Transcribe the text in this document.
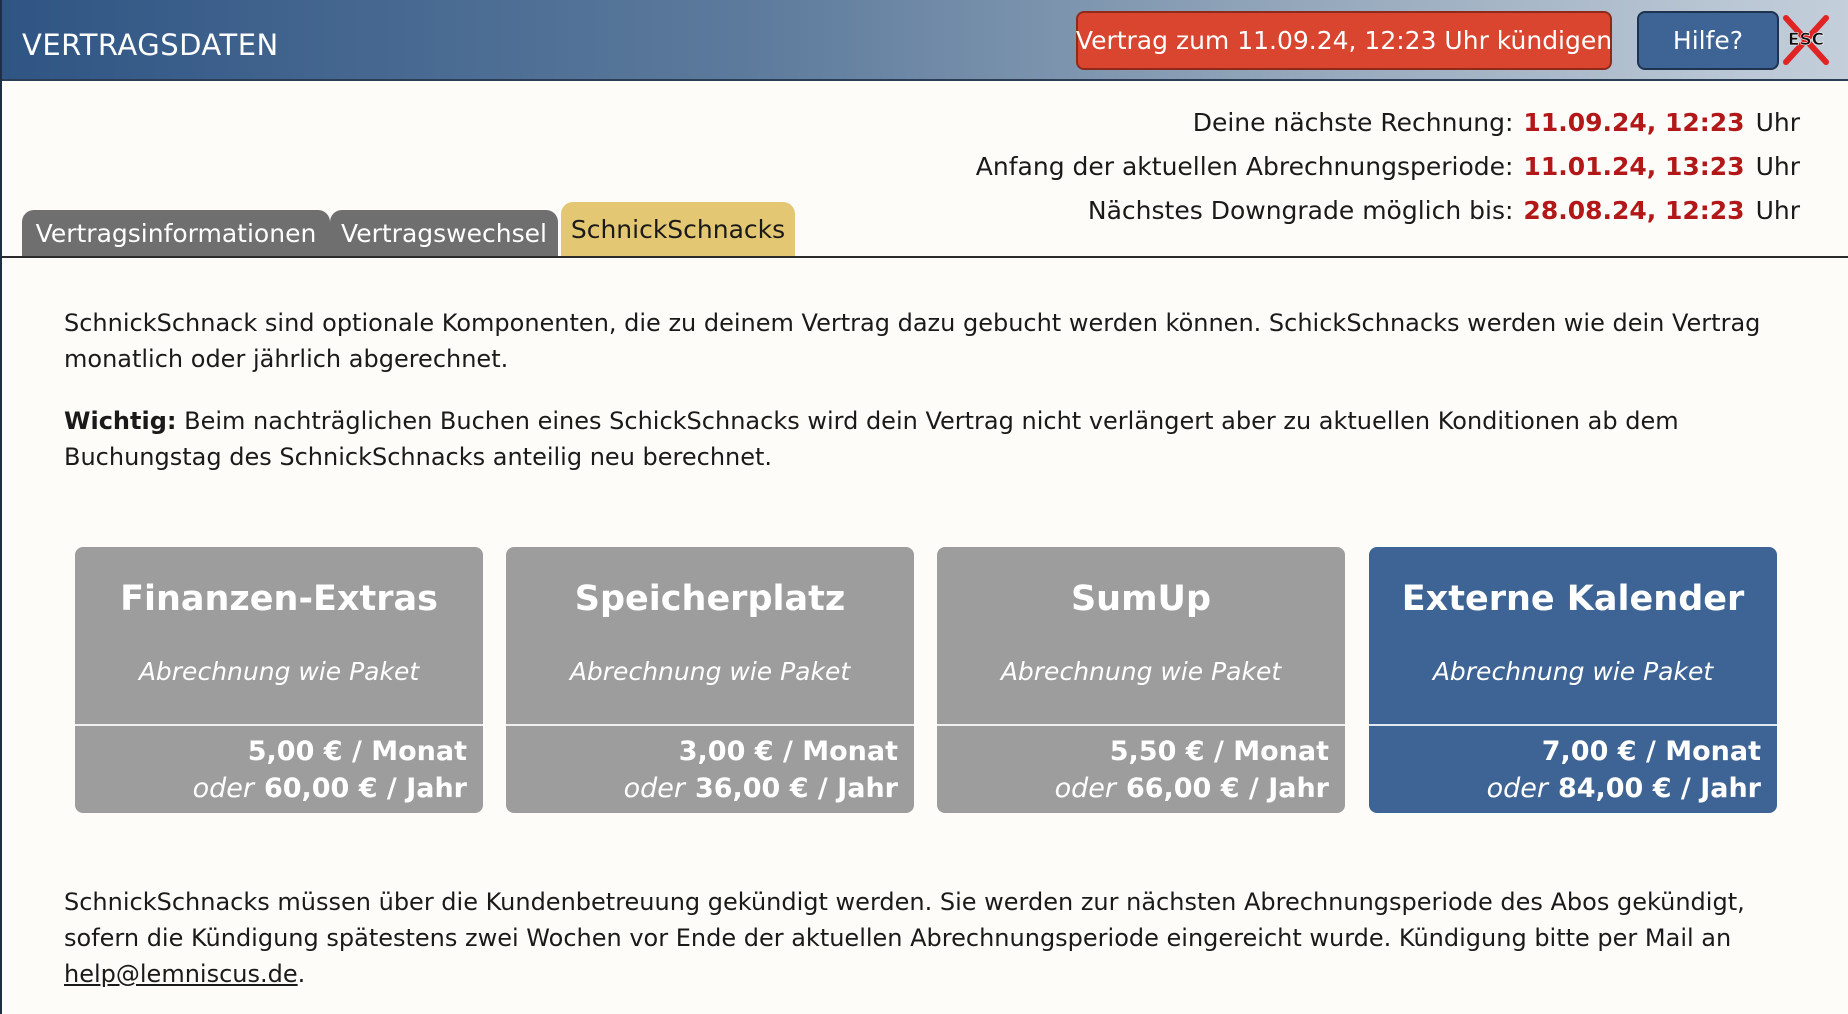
VERTRAGSDATEN	Vertrag zum 11.09.24, 12:23 Uhr kündigen	Hilfe?	ESC
Deine nächste Rechnung: 11.09.24, 12:23 Uhr
Anfang der aktuellen Abrechnungsperiode: 11.01.24, 13:23 Uhr
Nächstes Downgrade möglich bis: 28.08.24, 12:23 Uhr
Vertragsinformationen Vertragswechsel SchnickSchnacks

SchnickSchnack sind optionale Komponenten, die zu deinem Vertrag dazu gebucht werden können. SchickSchnacks werden wie dein Vertrag monatlich oder jährlich abgerechnet.

Wichtig: Beim nachträglichen Buchen eines SchickSchnacks wird dein Vertrag nicht verlängert aber zu aktuellen Konditionen ab dem Buchungstag des SchnickSchnacks anteilig neu berechnet.

Finanzen-Extras
Abrechnung wie Paket
5,00 € / Monat
oder 60,00 € / Jahr
Speicherplatz
Abrechnung wie Paket
3,00 € / Monat
oder 36,00 € / Jahr
SumUp
Abrechnung wie Paket
5,50 € / Monat
oder 66,00 € / Jahr
Externe Kalender
Abrechnung wie Paket
7,00 € / Monat
oder 84,00 € / Jahr

SchnickSchnacks müssen über die Kundenbetreuung gekündigt werden. Sie werden zur nächsten Abrechnungsperiode des Abos gekündigt, sofern die Kündigung spätestens zwei Wochen vor Ende der aktuellen Abrechnungsperiode eingereicht wurde. Kündigung bitte per Mail an help@lemniscus.de.
